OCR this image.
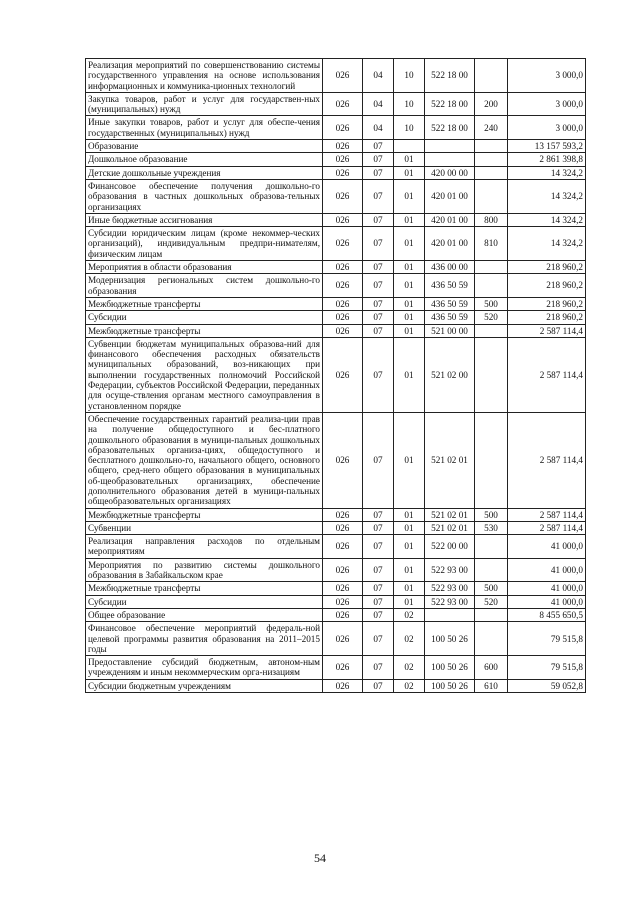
Реализация мероприятий по совершенствованию системы государственного управления на основе использования информационных и коммуника-ционных технологий	026	04	10	522 18 00		3 000,0
Закупка товаров, работ и услуг для государствен-ных (муниципальных) нужд	026	04	10	522 18 00	200	3 000,0
Иные закупки товаров, работ и услуг для обеспе-чения государственных (муниципальных) нужд	026	04	10	522 18 00	240	3 000,0
Образование	026	07				13 157 593,2
Дошкольное образование	026	07	01			2 861 398,8
Детские дошкольные учреждения	026	07	01	420 00 00		14 324,2
Финансовое обеспечение получения дошкольно-го образования в частных дошкольных образова-тельных организациях	026	07	01	420 01 00		14 324,2
Иные бюджетные ассигнования	026	07	01	420 01 00	800	14 324,2
Субсидии юридическим лицам (кроме некоммер-ческих организаций), индивидуальным предпри-нимателям, физическим лицам	026	07	01	420 01 00	810	14 324,2
Мероприятия в области образования	026	07	01	436 00 00		218 960,2
Модернизация региональных систем дошкольно-го образования	026	07	01	436 50 59		218 960,2
Межбюджетные трансферты	026	07	01	436 50 59	500	218 960,2
Субсидии	026	07	01	436 50 59	520	218 960,2
Межбюджетные трансферты	026	07	01	521 00 00		2 587 114,4
Субвенции бюджетам муниципальных образова-ний для финансового обеспечения расходных обязательств муниципальных образований, воз-никающих при выполнении государственных полномочий Российской Федерации, субъектов Российской Федерации, переданных для осуще-ствления органам местного самоуправления в установленном порядке	026	07	01	521 02 00		2 587 114,4
Обеспечение государственных гарантий реализа-ции прав на получение общедоступного и бес-платного дошкольного образования в муници-пальных дошкольных образовательных организа-циях, общедоступного и бесплатного дошкольно-го, начального общего, основного общего, сред-него общего образования в муниципальных об-щеобразовательных организациях, обеспечение дополнительного образования детей в муници-пальных общеобразовательных организациях	026	07	01	521 02 01		2 587 114,4
Межбюджетные трансферты	026	07	01	521 02 01	500	2 587 114,4
Субвенции	026	07	01	521 02 01	530	2 587 114,4
Реализация направления расходов по отдельным мероприятиям	026	07	01	522 00 00		41 000,0
Мероприятия по развитию системы дошкольного образования в Забайкальском крае	026	07	01	522 93 00		41 000,0
Межбюджетные трансферты	026	07	01	522 93 00	500	41 000,0
Субсидии	026	07	01	522 93 00	520	41 000,0
Общее образование	026	07	02			8 455 650,5
Финансовое обеспечение мероприятий федераль-ной целевой программы развития образования на 2011–2015 годы	026	07	02	100 50 26		79 515,8
Предоставление субсидий бюджетным, автоном-ным учреждениям и иным некоммерческим орга-низациям	026	07	02	100 50 26	600	79 515,8
Субсидии бюджетным учреждениям	026	07	02	100 50 26	610	59 052,8
54
